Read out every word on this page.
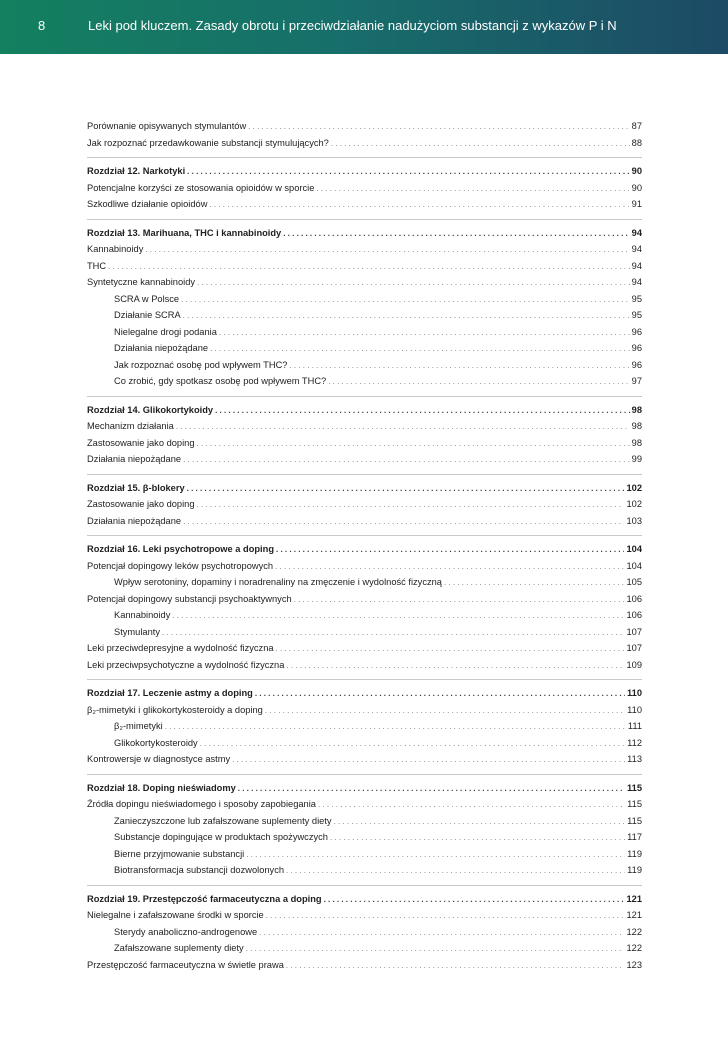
8	Leki pod kluczem. Zasady obrotu i przeciwdziałanie nadużyciom substancji z wykazów P i N
Porównanie opisywanych stymulantów . . .	87
Jak rozpoznać przedawkowanie substancji stymulujących? . . .	88
Rozdział 12. Narkotyki . . .	90
Potencjalne korzyści ze stosowania opioidów w sporcie . . .	90
Szkodliwe działanie opioidów . . .	91
Rozdział 13. Marihuana, THC i kannabinoidy . . .	94
Kannabinoidy . . .	94
THC . . .	94
Syntetyczne kannabinoidy . . .	94
SCRA w Polsce . . .	95
Działanie SCRA . . .	95
Nielegalne drogi podania . . .	96
Działania niepożądane . . .	96
Jak rozpoznać osobę pod wpływem THC? . . .	96
Co zrobić, gdy spotkasz osobę pod wpływem THC? . . .	97
Rozdział 14. Glikokortykoidy . . .	98
Mechanizm działania . . .	98
Zastosowanie jako doping . . .	98
Działania niepożądane . . .	99
Rozdział 15. β-blokery . . .	102
Zastosowanie jako doping . . .	102
Działania niepożądane . . .	103
Rozdział 16. Leki psychotropowe a doping . . .	104
Potencjał dopingowy leków psychotropowych . . .	104
Wpływ serotoniny, dopaminy i noradrenaliny na zmęczenie i wydolność fizyczną . . .	105
Potencjał dopingowy substancji psychoaktywnych . . .	106
Kannabinoidy . . .	106
Stymulanty . . .	107
Leki przeciwdepresyjne a wydolność fizyczna . . .	107
Leki przeciwpsychotyczne a wydolność fizyczna . . .	109
Rozdział 17. Leczenie astmy a doping . . .	110
β₂-mimetyki i glikokortykosteroidy a doping . . .	110
β₂-mimetyki . . .	111
Glikokortykosteroidy . . .	112
Kontrowersje w diagnostyce astmy . . .	113
Rozdział 18. Doping nieświadomy . . .	115
Źródła dopingu nieświadomego i sposoby zapobiegania . . .	115
Zanieczyszczone lub zafałszowane suplementy diety . . .	115
Substancje dopingujące w produktach spożywczych . . .	117
Bierne przyjmowanie substancji . . .	119
Biotransformacja substancji dozwolonych . . .	119
Rozdział 19. Przestępczość farmaceutyczna a doping . . .	121
Nielegalne i zafałszowane środki w sporcie . . .	121
Sterydy anaboliczno-androgenowe . . .	122
Zafałszowane suplementy diety . . .	122
Przestępczość farmaceutyczna w świetle prawa . . .	123
